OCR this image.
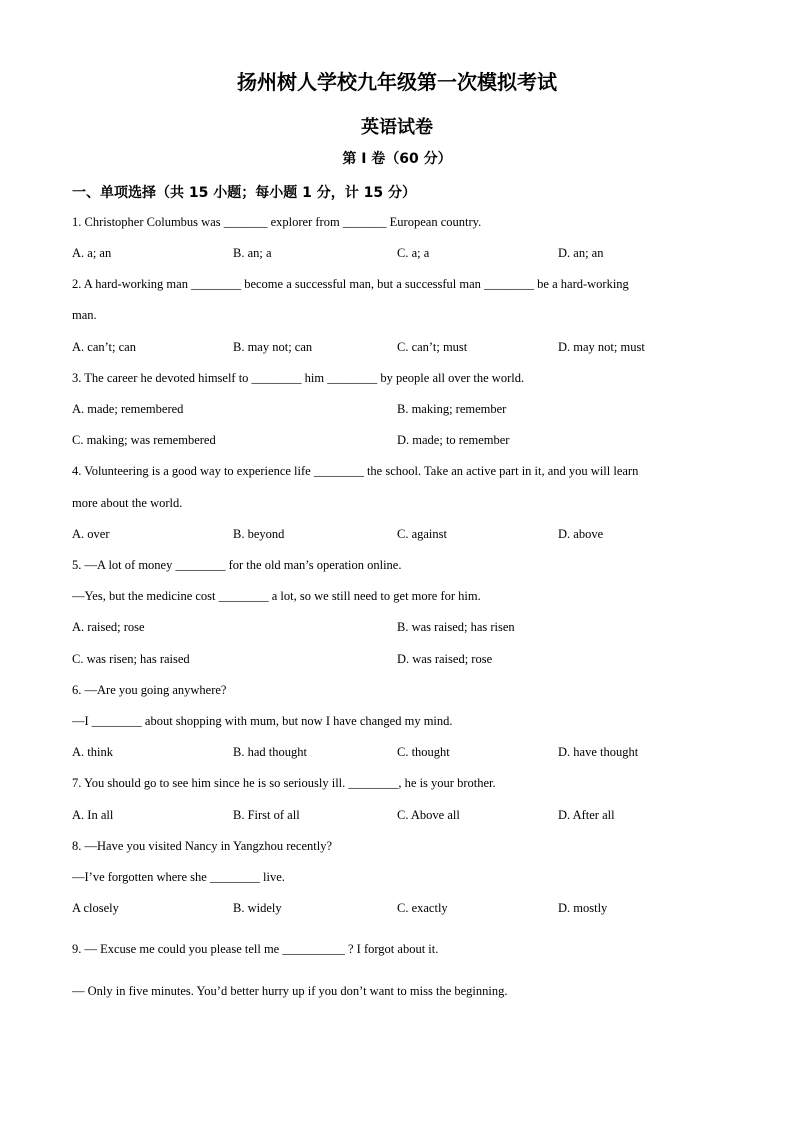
扬州树人学校九年级第一次模拟考试
英语试卷
第 I 卷（60 分）
一、单项选择（共 15 小题；每小题 1 分，计 15 分）
1. Christopher Columbus was _______ explorer from _______ European country.
A. a; an	B. an; a	C. a; a	D. an; an
2. A hard-working man ________ become a successful man, but a successful man ________ be a hard-working
man.
A. can’t; can	B. may not; can	C. can’t; must	D. may not; must
3. The career he devoted himself to ________ him ________ by people all over the world.
A. made; remembered	B. making; remember
C. making; was remembered	D. made; to remember
4. Volunteering is a good way to experience life ________ the school. Take an active part in it, and you will learn
more about the world.
A. over	B. beyond	C. against	D. above
5. —A lot of money ________ for the old man’s operation online.
—Yes, but the medicine cost ________ a lot, so we still need to get more for him.
A. raised; rose	B. was raised; has risen
C. was risen; has raised	D. was raised; rose
6. —Are you going anywhere?
—I ________ about shopping with mum, but now I have changed my mind.
A. think	B. had thought	C. thought	D. have thought
7. You should go to see him since he is so seriously ill. ________, he is your brother.
A. In all	B. First of all	C. Above all	D. After all
8. —Have you visited Nancy in Yangzhou recently?
—I’ve forgotten where she ________ live.
A closely	B. widely	C. exactly	D. mostly
9. — Excuse me could you please tell me __________ ? I forgot about it.
— Only in five minutes. You’d better hurry up if you don’t want to miss the beginning.
